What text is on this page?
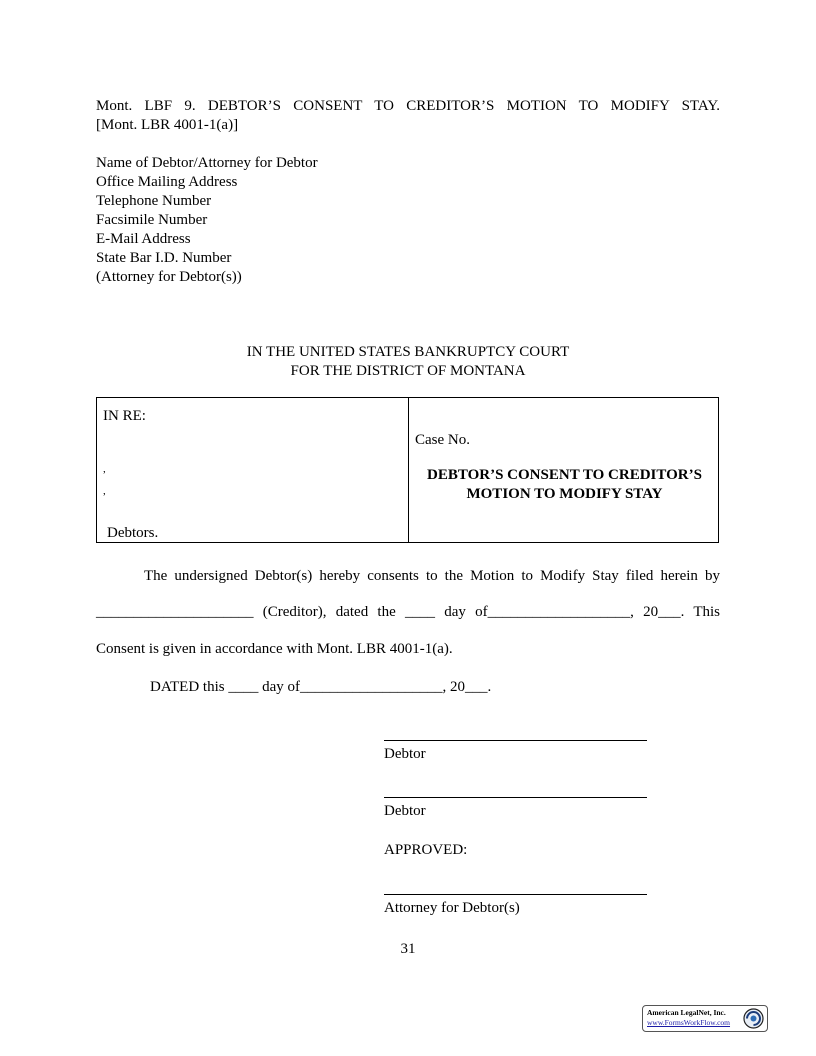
Mont. LBF 9. DEBTOR’S CONSENT TO CREDITOR’S MOTION TO MODIFY STAY.
[Mont. LBR 4001-1(a)]
Name of Debtor/Attorney for Debtor
Office Mailing Address
Telephone Number
Facsimile Number
E-Mail Address
State Bar I.D. Number
(Attorney for Debtor(s))
IN THE UNITED STATES BANKRUPTCY COURT
FOR THE DISTRICT OF MONTANA
IN RE:
,
,
Debtors.
Case No.
DEBTOR’S CONSENT TO CREDITOR’S
MOTION TO MODIFY STAY
The undersigned Debtor(s) hereby consents to the Motion to Modify Stay filed herein by
_____________________ (Creditor), dated the ____ day of___________________, 20___. This
Consent is given in accordance with Mont. LBR 4001-1(a).
DATED this ____ day of___________________, 20___.
Debtor
Debtor
APPROVED:
Attorney for Debtor(s)
31
American LegalNet, Inc.
www.FormsWorkFlow.com
